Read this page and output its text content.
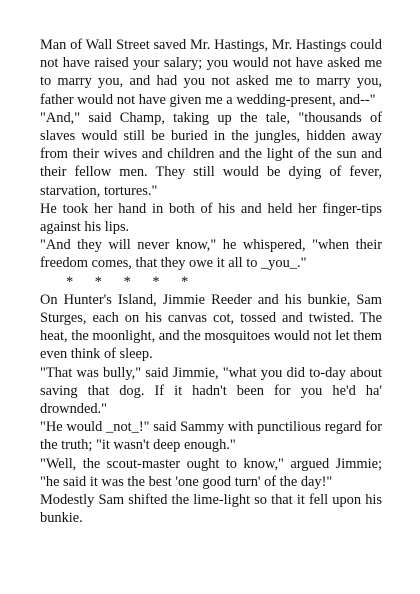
Man of Wall Street saved Mr. Hastings, Mr. Hastings could not have raised your salary; you would not have asked me to marry you, and had you not asked me to marry you, father would not have given me a wedding-present, and--"

"And," said Champ, taking up the tale, "thousands of slaves would still be buried in the jungles, hidden away from their wives and children and the light of the sun and their fellow men. They still would be dying of fever, starvation, tortures."

He took her hand in both of his and held her finger-tips against his lips.

"And they will never know," he whispered, "when their freedom comes, that they owe it all to _you_."

*      *      *      *      *

On Hunter's Island, Jimmie Reeder and his bunkie, Sam Sturges, each on his canvas cot, tossed and twisted. The heat, the moonlight, and the mosquitoes would not let them even think of sleep.

"That was bully," said Jimmie, "what you did to-day about saving that dog. If it hadn't been for you he'd ha' drownded."

"He would _not_!" said Sammy with punctilious regard for the truth; "it wasn't deep enough."

"Well, the scout-master ought to know," argued Jimmie; "he said it was the best 'one good turn' of the day!"

Modestly Sam shifted the lime-light so that it fell upon his bunkie.
